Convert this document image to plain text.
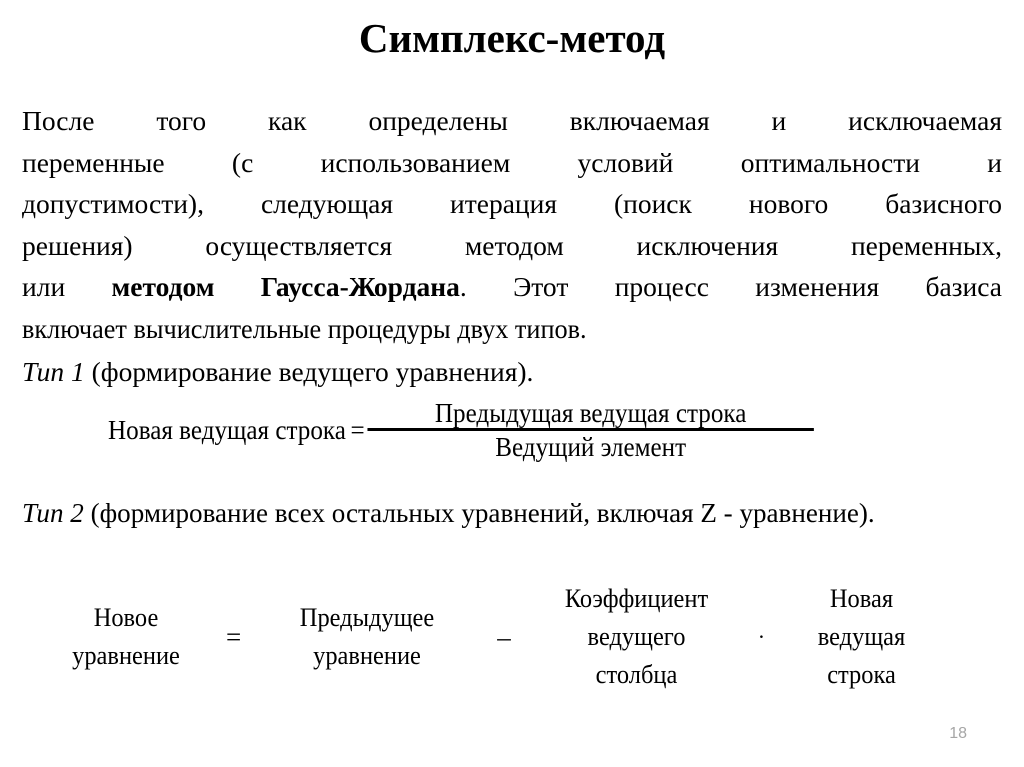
Симплекс-метод
После того как определены включаемая и исключаемая
переменные (с использованием условий оптимальности и
допустимости), следующая итерация (поиск нового базисного
решения) осуществляется методом исключения переменных,
или методом Гаусса-Жордана. Этот процесс изменения базиса
включает вычислительные процедуры двух типов.
Тип 1 (формирование ведущего уравнения).
Новая ведущая строка = $\frac{\text{Предыдущая ведущая строка}}{\text{Ведущий элемент}}$
Тип 2 (формирование всех остальных уравнений, включая Z - уравнение).
Новое
уравнение
=
Предыдущее
уравнение
–
Коэффициент
ведущего
столбца
·
Новая
ведущая
строка
18
